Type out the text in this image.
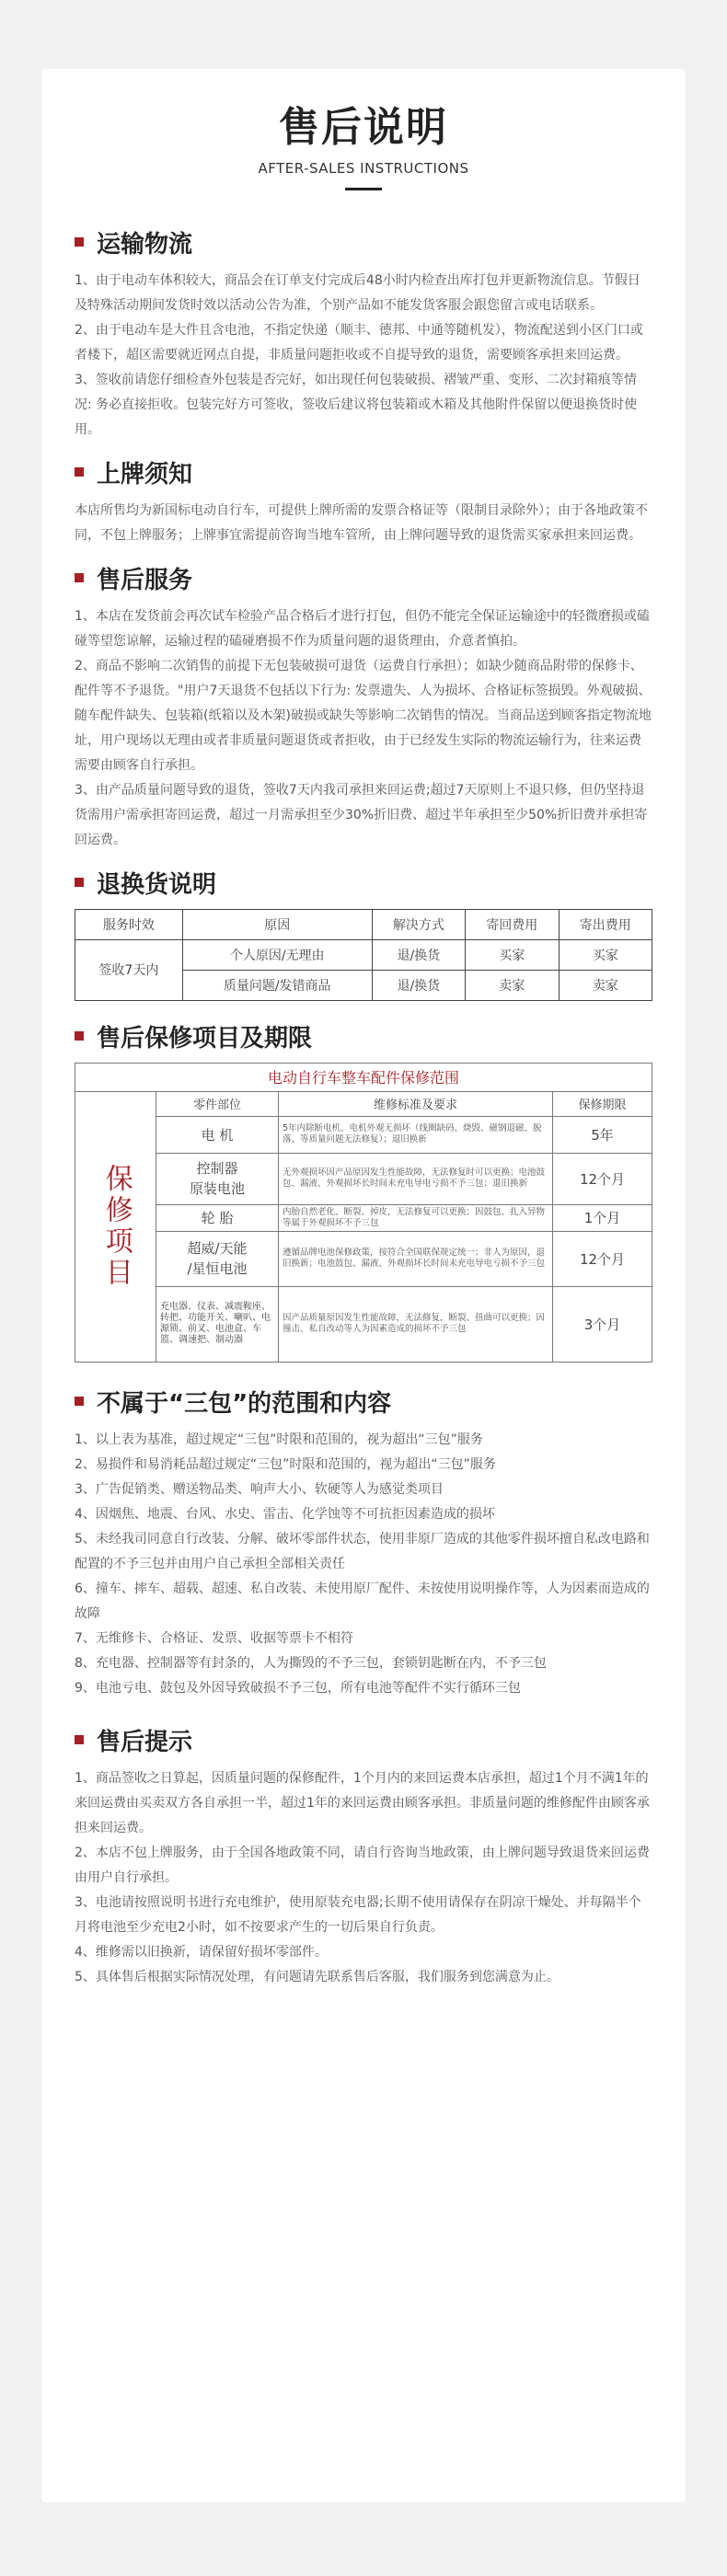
售后说明
AFTER-SALES INSTRUCTIONS
运输物流

1、由于电动车体积较大，商品会在订单支付完成后48小时内检查出库打包并更新物流信息。节假日及特殊活动期间发货时效以活动公告为准，个别产品如不能发货客服会跟您留言或电话联系。

2、由于电动车是大件且含电池，不指定快递（顺丰、德邦、中通等随机发），物流配送到小区门口或者楼下，超区需要就近网点自提，非质量问题拒收或不自提导致的退货，需要顾客承担来回运费。

3、签收前请您仔细检查外包装是否完好，如出现任何包装破损、褶皱严重、变形、二次封箱痕等情况: 务必直接拒收。包装完好方可签收，签收后建议将包装箱或木箱及其他附件保留以便退换货时使用。

上牌须知

本店所售均为新国标电动自行车，可提供上牌所需的发票合格证等（限制目录除外）；由于各地政策不同，不包上牌服务；上牌事宜需提前咨询当地车管所，由上牌问题导致的退货需买家承担来回运费。

售后服务

1、本店在发货前会再次试车检验产品合格后才进行打包，但仍不能完全保证运输途中的轻微磨损或磕碰等望您谅解，运输过程的磕碰磨损不作为质量问题的退货理由，介意者慎拍。

2、商品不影响二次销售的前提下无包装破损可退货（运费自行承担）；如缺少随商品附带的保修卡、配件等不予退货。"用户7天退货不包括以下行为: 发票遗失、人为损坏、合格证标签损毁。外观破损、随车配件缺失、包装箱(纸箱以及木架)破损或缺失等影响二次销售的情况。当商品送到顾客指定物流地址，用户现场以无理由或者非质量问题退货或者拒收，由于已经发生实际的物流运输行为，往来运费需要由顾客自行承担。

3、由产品质量问题导致的退货，签收7天内我司承担来回运费;超过7天原则上不退只修，但仍坚持退货需用户需承担寄回运费，超过一月需承担至少30%折旧费、超过半年承担至少50%折旧费并承担寄回运费。

退换货说明
服务时效	原因	解决方式	寄回费用	寄出费用
签收7天内	个人原因/无理由	退/换货	买家	买家
	质量问题/发错商品	退/换货	卖家	卖家
售后保修项目及期限
电动自行车整车配件保修范围			
保修项目	零件部位	维修标准及要求	保修期限
	电 机	5年内除断电机、电机外观无损坏（线圈缺码、烧毁、磁钢退磁、脱落、等质量问题无法修复）；退旧换新	5年
	控制器
原装电池	无外观损坏因产品原因发生性能故障，无法修复时可以更换；电池鼓包、漏液、外观损坏长时间未充电导电亏损不予三包；退旧换新	12个月
	轮 胎	内胎自然老化、断裂、掉皮，无法修复可以更换；因鼓包、扎入异物等属于外观损坏不予三包	1个月
	超威/天能
/星恒电池	遵循品牌电池保修政策，按符合全国联保规定统一；非人为原因，退旧换新；电池鼓包、漏液、外观损坏长时间未充电导电亏损不予三包	12个月
	充电器、仪表、减震鞍座、转把、功能开关、喇叭、电源锁、前叉、电池盒、车篮、调速把、制动器	因产品质量原因发生性能故障，无法修复，断裂、扭曲可以更换；因撞击、私自改动等人为因素造成的损坏不予三包	3个月
不属于“三包”的范围和内容

1、以上表为基准，超过规定“三包”时限和范围的，视为超出“三包”服务

2、易损件和易消耗品超过规定“三包”时限和范围的，视为超出“三包”服务

3、广告促销类、赠送物品类、响声大小、软硬等人为感觉类项目

4、因烟焦、地震、台风、水史、雷击、化学蚀等不可抗拒因素造成的损坏

5、未经我司同意自行改装、分解、破坏零部件状态，使用非原厂造成的其他零件损坏擅自私改电路和配置的不予三包并由用户自己承担全部相关责任

6、撞车、摔车、超载、超速、私自改装、未使用原厂配件、未按使用说明操作等，人为因素而造成的故障

7、无维修卡、合格证、发票、收据等票卡不相符

8、充电器、控制器等有封条的，人为撕毁的不予三包，套锁钥匙断在内，不予三包

9、电池亏电、鼓包及外因导致破损不予三包，所有电池等配件不实行循环三包

售后提示

1、商品签收之日算起，因质量问题的保修配件，1个月内的来回运费本店承担，超过1个月不满1年的来回运费由买卖双方各自承担一半，超过1年的来回运费由顾客承担。非质量问题的维修配件由顾客承担来回运费。

2、本店不包上牌服务，由于全国各地政策不同，请自行咨询当地政策，由上牌问题导致退货来回运费由用户自行承担。

3、电池请按照说明书进行充电维护，使用原装充电器;长期不使用请保存在阴凉干燥处、并每隔半个月将电池至少充电2小时，如不按要求产生的一切后果自行负责。

4、维修需以旧换新，请保留好损坏零部件。

5、具体售后根据实际情况处理，有问题请先联系售后客服，我们服务到您满意为止。
